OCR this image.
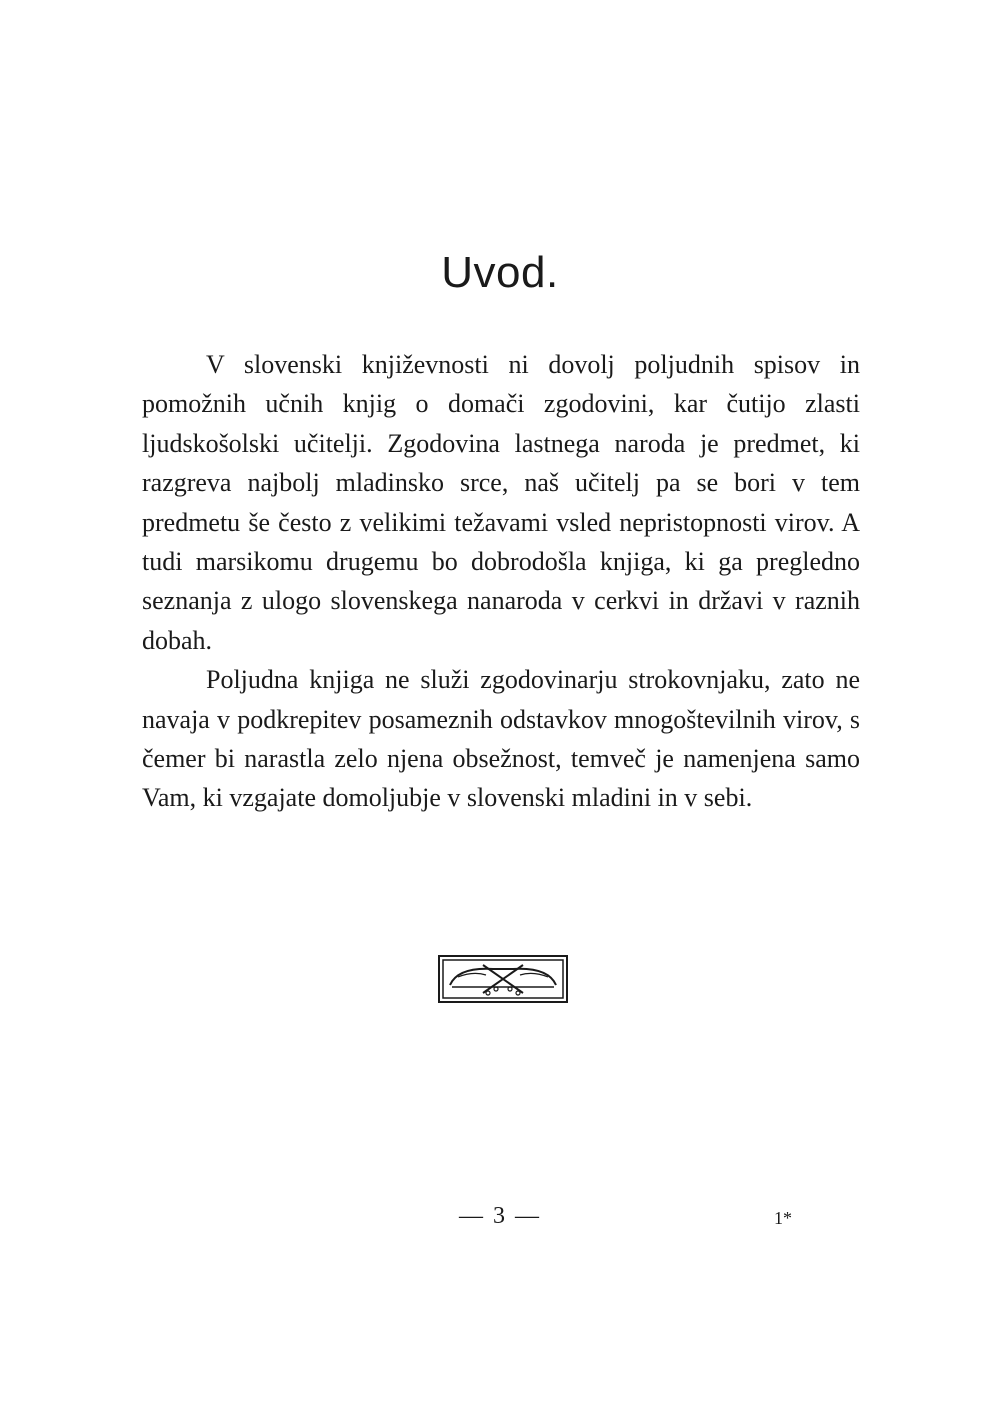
Uvod.

V slovenski književnosti ni dovolj poljudnih spisov in pomožnih učnih knjig o domači zgodovini, kar čutijo zlasti ljudskošolski učitelji. Zgodovina lastnega naroda je predmet, ki razgreva najbolj mladinsko srce, naš učitelj pa se bori v tem predmetu še često z velikimi težavami vsled nepristopnosti virov. A tudi marsikomu drugemu bo dobrodošla knjiga, ki ga pregledno seznanja z ulogo slovenskega nanaroda v cerkvi in državi v raznih dobah.

Poljudna knjiga ne služi zgodovinarju strokovnjaku, zato ne navaja v podkrepitev posameznih odstavkov mnogoštevilnih virov, s čemer bi narastla zelo njena obsežnost, temveč je namenjena samo Vam, ki vzgajate domoljubje v slovenski mladini in v sebi.

— 3 —	1*
